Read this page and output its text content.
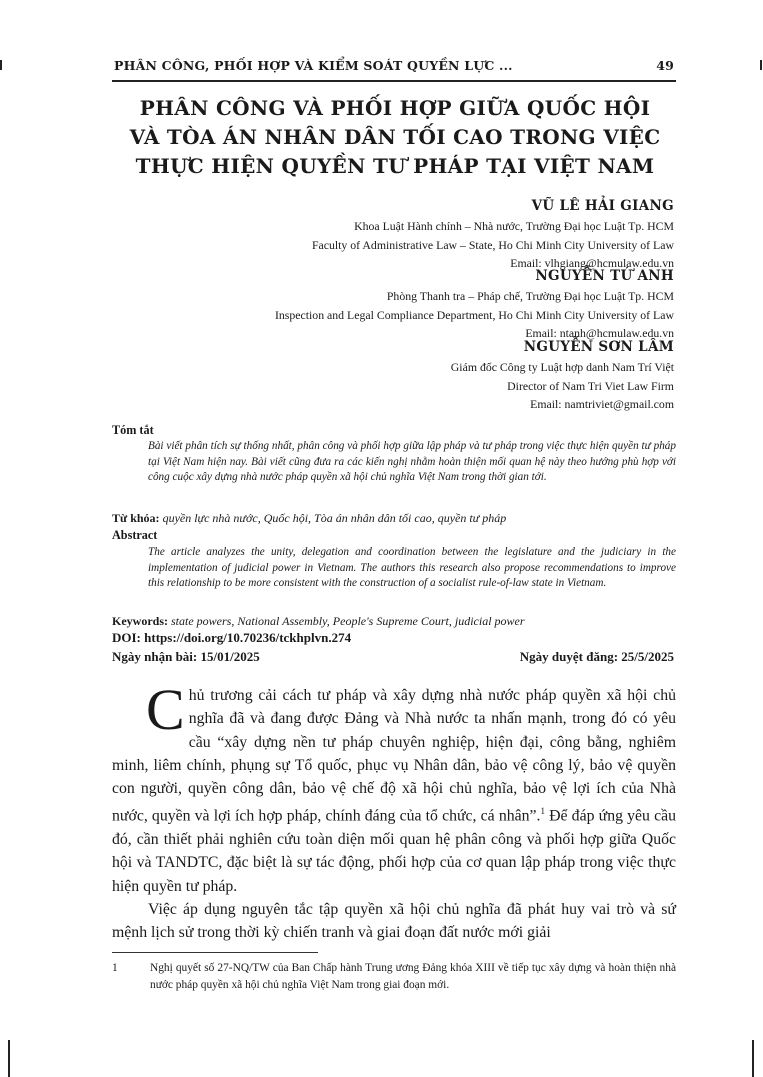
PHÂN CÔNG, PHỐI HỢP VÀ KIỂM SOÁT QUYỀN LỰC ...	49
PHÂN CÔNG VÀ PHỐI HỢP GIỮA QUỐC HỘI
VÀ TÒA ÁN NHÂN DÂN TỐI CAO TRONG VIỆC
THỰC HIỆN QUYỀN TƯ PHÁP TẠI VIỆT NAM
VŨ LÊ HẢI GIANG
Khoa Luật Hành chính – Nhà nước, Trường Đại học Luật Tp. HCM
Faculty of Administrative Law – State, Ho Chi Minh City University of Law
Email: vlhgiang@hcmulaw.edu.vn
NGUYỄN TỨ ANH
Phòng Thanh tra – Pháp chế, Trường Đại học Luật Tp. HCM
Inspection and Legal Compliance Department, Ho Chi Minh City University of Law
Email: ntanh@hcmulaw.edu.vn
NGUYỄN SƠN LÂM
Giám đốc Công ty Luật hợp danh Nam Trí Việt
Director of Nam Tri Viet Law Firm
Email: namtriviet@gmail.com
Tóm tắt
Bài viết phân tích sự thống nhất, phân công và phối hợp giữa lập pháp và tư pháp trong việc thực hiện quyền tư pháp tại Việt Nam hiện nay. Bài viết cũng đưa ra các kiến nghị nhằm hoàn thiện mối quan hệ này theo hướng phù hợp với công cuộc xây dựng nhà nước pháp quyền xã hội chủ nghĩa Việt Nam trong thời gian tới.
Từ khóa: quyền lực nhà nước, Quốc hội, Tòa án nhân dân tối cao, quyền tư pháp
Abstract
The article analyzes the unity, delegation and coordination between the legislature and the judiciary in the implementation of judicial power in Vietnam. The authors this research also propose recommendations to improve this relationship to be more consistent with the construction of a socialist rule-of-law state in Vietnam.
Keywords: state powers, National Assembly, People's Supreme Court, judicial power
DOI: https://doi.org/10.70236/tckhplvn.274
Ngày nhận bài: 15/01/2025	Ngày duyệt đăng: 25/5/2025

Chủ trương cải cách tư pháp và xây dựng nhà nước pháp quyền xã hội chủ nghĩa đã và đang được Đảng và Nhà nước ta nhấn mạnh, trong đó có yêu cầu “xây dựng nền tư pháp chuyên nghiệp, hiện đại, công bằng, nghiêm minh, liêm chính, phụng sự Tổ quốc, phục vụ Nhân dân, bảo vệ công lý, bảo vệ quyền con người, quyền công dân, bảo vệ chế độ xã hội chủ nghĩa, bảo vệ lợi ích của Nhà nước, quyền và lợi ích hợp pháp, chính đáng của tổ chức, cá nhân”.$^1$ Để đáp ứng yêu cầu đó, cần thiết phải nghiên cứu toàn diện mối quan hệ phân công và phối hợp giữa Quốc hội và TANDTC, đặc biệt là sự tác động, phối hợp của cơ quan lập pháp trong việc thực hiện quyền tư pháp.

Việc áp dụng nguyên tắc tập quyền xã hội chủ nghĩa đã phát huy vai trò và sứ mệnh lịch sử trong thời kỳ chiến tranh và giai đoạn đất nước mới giải

1	Nghị quyết số 27-NQ/TW của Ban Chấp hành Trung ương Đảng khóa XIII về tiếp tục xây dựng và hoàn thiện nhà nước pháp quyền xã hội chủ nghĩa Việt Nam trong giai đoạn mới.
